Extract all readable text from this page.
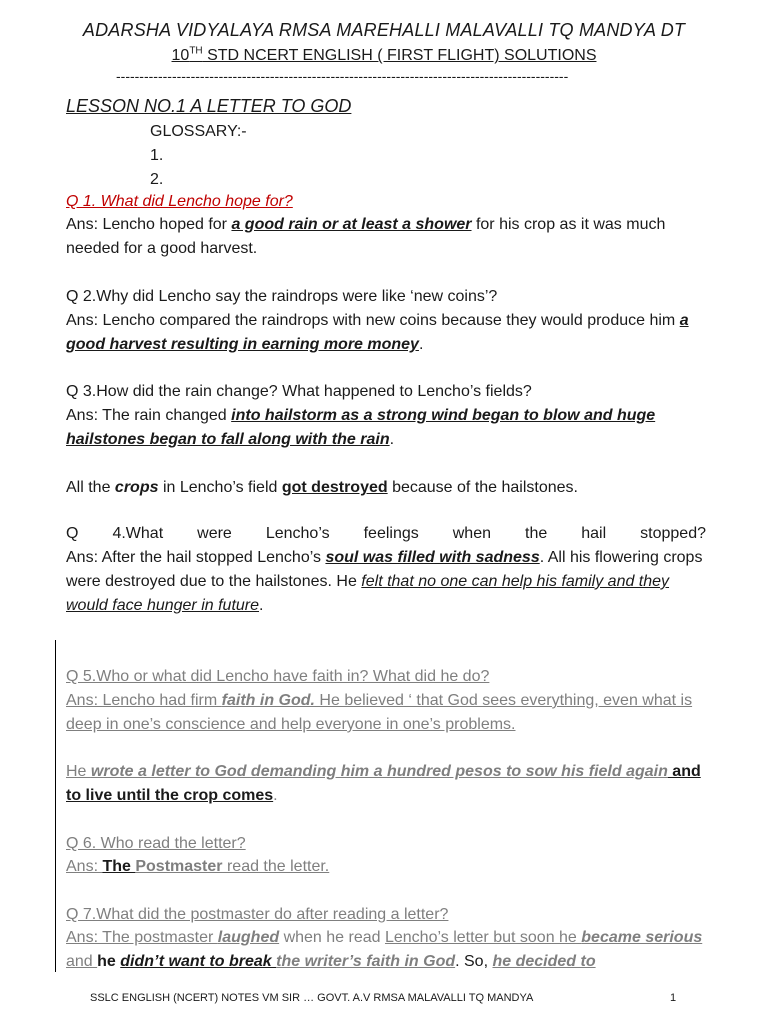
ADARSHA VIDYALAYA RMSA MAREHALLI MALAVALLI TQ MANDYA DT
10TH STD NCERT ENGLISH ( FIRST FLIGHT) SOLUTIONS
-------------------------------------------------------------------------------------------------
LESSON NO.1 A LETTER TO GOD
GLOSSARY:-
1.
2.
Q 1. What did Lencho hope for?
Ans: Lencho hoped for a good rain or at least a shower for his crop as it was much needed for a good harvest.
Q 2.Why did Lencho say the raindrops were like ‘new coins’?
Ans: Lencho compared the raindrops with new coins because they would produce him a good harvest resulting in earning more money.
Q 3.How did the rain change? What happened to Lencho’s fields?
Ans: The rain changed into hailstorm as a strong wind began to blow and huge hailstones began to fall along with the rain.
All the crops in Lencho’s field got destroyed because of the hailstones.
Q 4.What were Lencho’s feelings when the hail stopped?
Ans: After the hail stopped Lencho’s soul was filled with sadness. All his flowering crops were destroyed due to the hailstones. He felt that no one can help his family and they would face hunger in future.
Q 5.Who or what did Lencho have faith in? What did he do?
Ans: Lencho had firm faith in God. He believed ‘ that God sees everything, even what is deep in one’s conscience and help everyone in one’s problems.
He wrote a letter to God demanding him a hundred pesos to sow his field again and to live until the crop comes.
Q 6. Who read the letter?
Ans: The Postmaster read the letter.
Q 7.What did the postmaster do after reading a letter?
Ans: The postmaster laughed when he read Lencho’s letter but soon he became serious and he didn’t want to break the writer’s faith in God. So, he decided to
SSLC ENGLISH (NCERT) NOTES VM SIR … GOVT. A.V RMSA MALAVALLI TQ MANDYA	1
